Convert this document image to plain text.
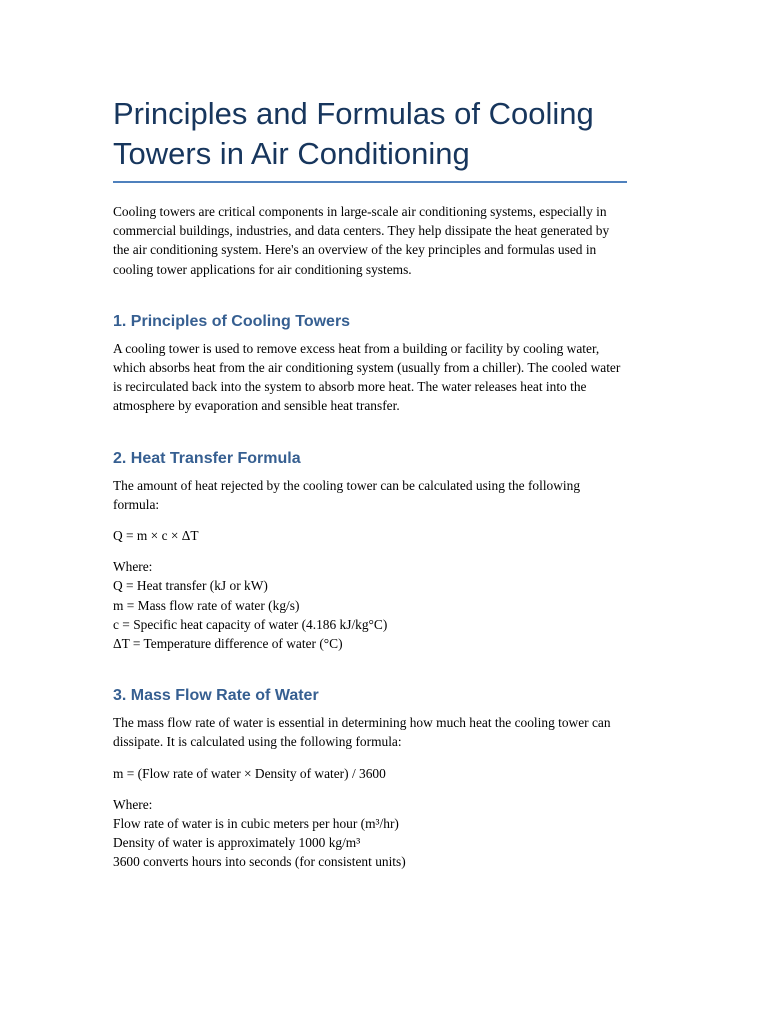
Principles and Formulas of Cooling Towers in Air Conditioning

Cooling towers are critical components in large-scale air conditioning systems, especially in commercial buildings, industries, and data centers. They help dissipate the heat generated by the air conditioning system. Here's an overview of the key principles and formulas used in cooling tower applications for air conditioning systems.

1. Principles of Cooling Towers

A cooling tower is used to remove excess heat from a building or facility by cooling water, which absorbs heat from the air conditioning system (usually from a chiller). The cooled water is recirculated back into the system to absorb more heat. The water releases heat into the atmosphere by evaporation and sensible heat transfer.

2. Heat Transfer Formula

The amount of heat rejected by the cooling tower can be calculated using the following formula:

Q = m × c × ΔT

Where:
Q = Heat transfer (kJ or kW)
m = Mass flow rate of water (kg/s)
c = Specific heat capacity of water (4.186 kJ/kg°C)
ΔT = Temperature difference of water (°C)
3. Mass Flow Rate of Water

The mass flow rate of water is essential in determining how much heat the cooling tower can dissipate. It is calculated using the following formula:

m = (Flow rate of water × Density of water) / 3600

Where:
Flow rate of water is in cubic meters per hour (m³/hr)
Density of water is approximately 1000 kg/m³
3600 converts hours into seconds (for consistent units)
